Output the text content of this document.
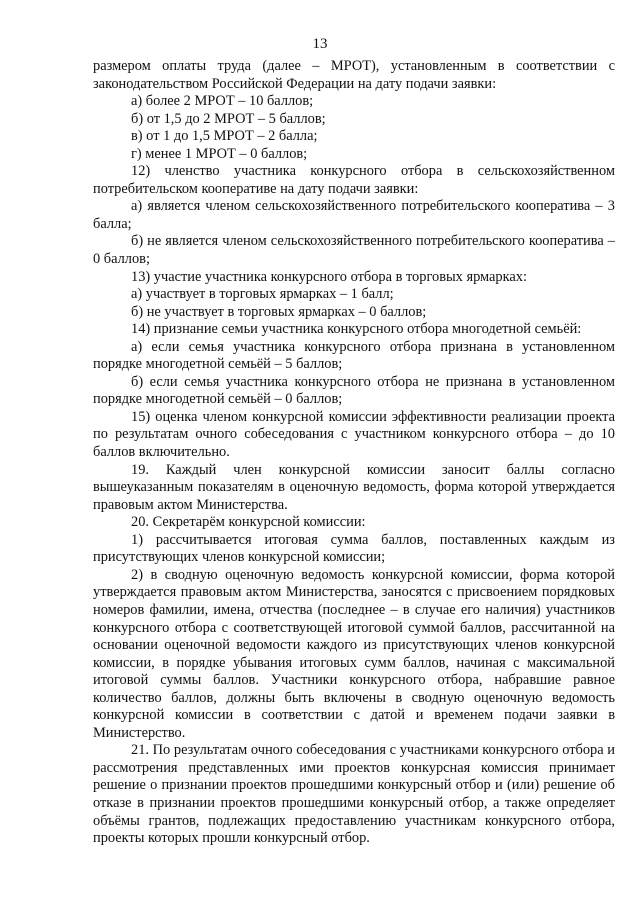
13

размером оплаты труда (далее – МРОТ), установленным в соответствии с законодательством Российской Федерации на дату подачи заявки:

а) более 2 МРОТ – 10 баллов;

б) от 1,5 до 2 МРОТ – 5 баллов;

в) от 1 до 1,5 МРОТ – 2 балла;

г) менее 1 МРОТ – 0 баллов;

12) членство участника конкурсного отбора в сельскохозяйственном потребительском кооперативе на дату подачи заявки:

а) является членом сельскохозяйственного потребительского кооператива – 3 балла;

б) не является членом сельскохозяйственного потребительского кооператива – 0 баллов;

13) участие участника конкурсного отбора в торговых ярмарках:

а) участвует в торговых ярмарках – 1 балл;

б) не участвует в торговых ярмарках – 0 баллов;

14) признание семьи участника конкурсного отбора многодетной семьёй:

а) если семья участника конкурсного отбора признана в установленном порядке многодетной семьёй – 5 баллов;

б) если семья участника конкурсного отбора не признана в установленном порядке многодетной семьёй – 0 баллов;

15) оценка членом конкурсной комиссии эффективности реализации проекта по результатам очного собеседования с участником конкурсного отбора – до 10 баллов включительно.

19. Каждый член конкурсной комиссии заносит баллы согласно вышеуказанным показателям в оценочную ведомость, форма которой утверждается правовым актом Министерства.

20. Секретарём конкурсной комиссии:

1) рассчитывается итоговая сумма баллов, поставленных каждым из присутствующих членов конкурсной комиссии;

2) в сводную оценочную ведомость конкурсной комиссии, форма которой утверждается правовым актом Министерства, заносятся с присвоением порядковых номеров фамилии, имена, отчества (последнее – в случае его наличия) участников конкурсного отбора с соответствующей итоговой суммой баллов, рассчитанной на основании оценочной ведомости каждого из присутствующих членов конкурсной комиссии, в порядке убывания итоговых сумм баллов, начиная с максимальной итоговой суммы баллов. Участники конкурсного отбора, набравшие равное количество баллов, должны быть включены в сводную оценочную ведомость конкурсной комиссии в соответствии с датой и временем подачи заявки в Министерство.

21. По результатам очного собеседования с участниками конкурсного отбора и рассмотрения представленных ими проектов конкурсная комиссия принимает решение о признании проектов прошедшими конкурсный отбор и (или) решение об отказе в признании проектов прошедшими конкурсный отбор, а также определяет объёмы грантов, подлежащих предоставлению участникам конкурсного отбора, проекты которых прошли конкурсный отбор.
